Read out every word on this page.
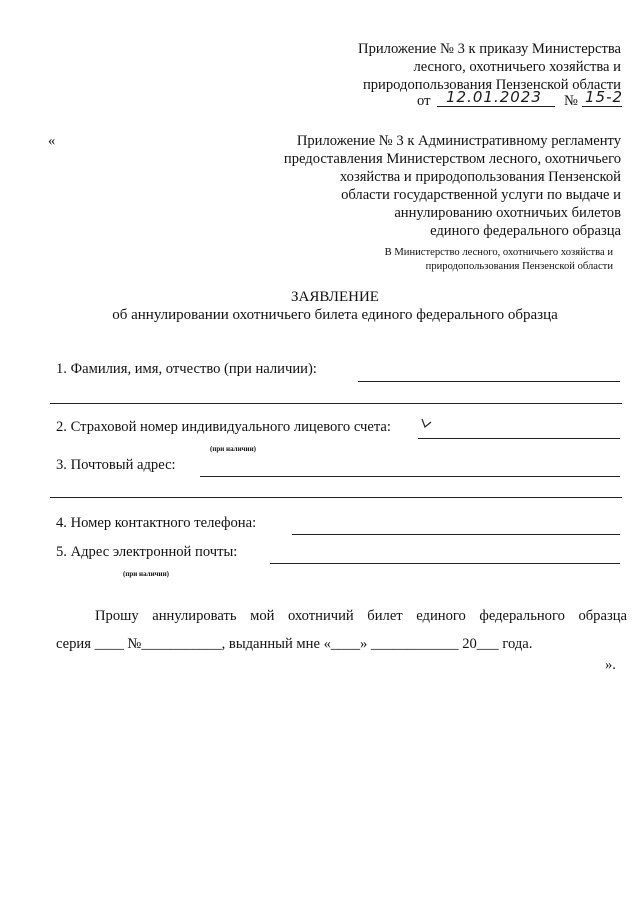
Приложение № 3 к приказу Министерства
лесного, охотничьего хозяйства и
природопользования Пензенской области
от 12.01.2023 № 15-2
«	Приложение № 3 к Административному регламенту
предоставления Министерством лесного, охотничьего
хозяйства и природопользования Пензенской
области государственной услуги по выдаче и
аннулированию охотничьих билетов
единого федерального образца
В Министерство лесного, охотничьего хозяйства и
природопользования Пензенской области
ЗАЯВЛЕНИЕ
об аннулировании охотничьего билета единого федерального образца
1. Фамилия, имя, отчество (при наличии):
2. Страховой номер индивидуального лицевого счета:
(при наличии)
3. Почтовый адрес:
4. Номер контактного телефона:
5. Адрес электронной почты:
(при наличии)
Прошу аннулировать мой охотничий билет единого федерального образца
серия ____ №___________, выданный мне «____» ____________ 20___ года.
».
